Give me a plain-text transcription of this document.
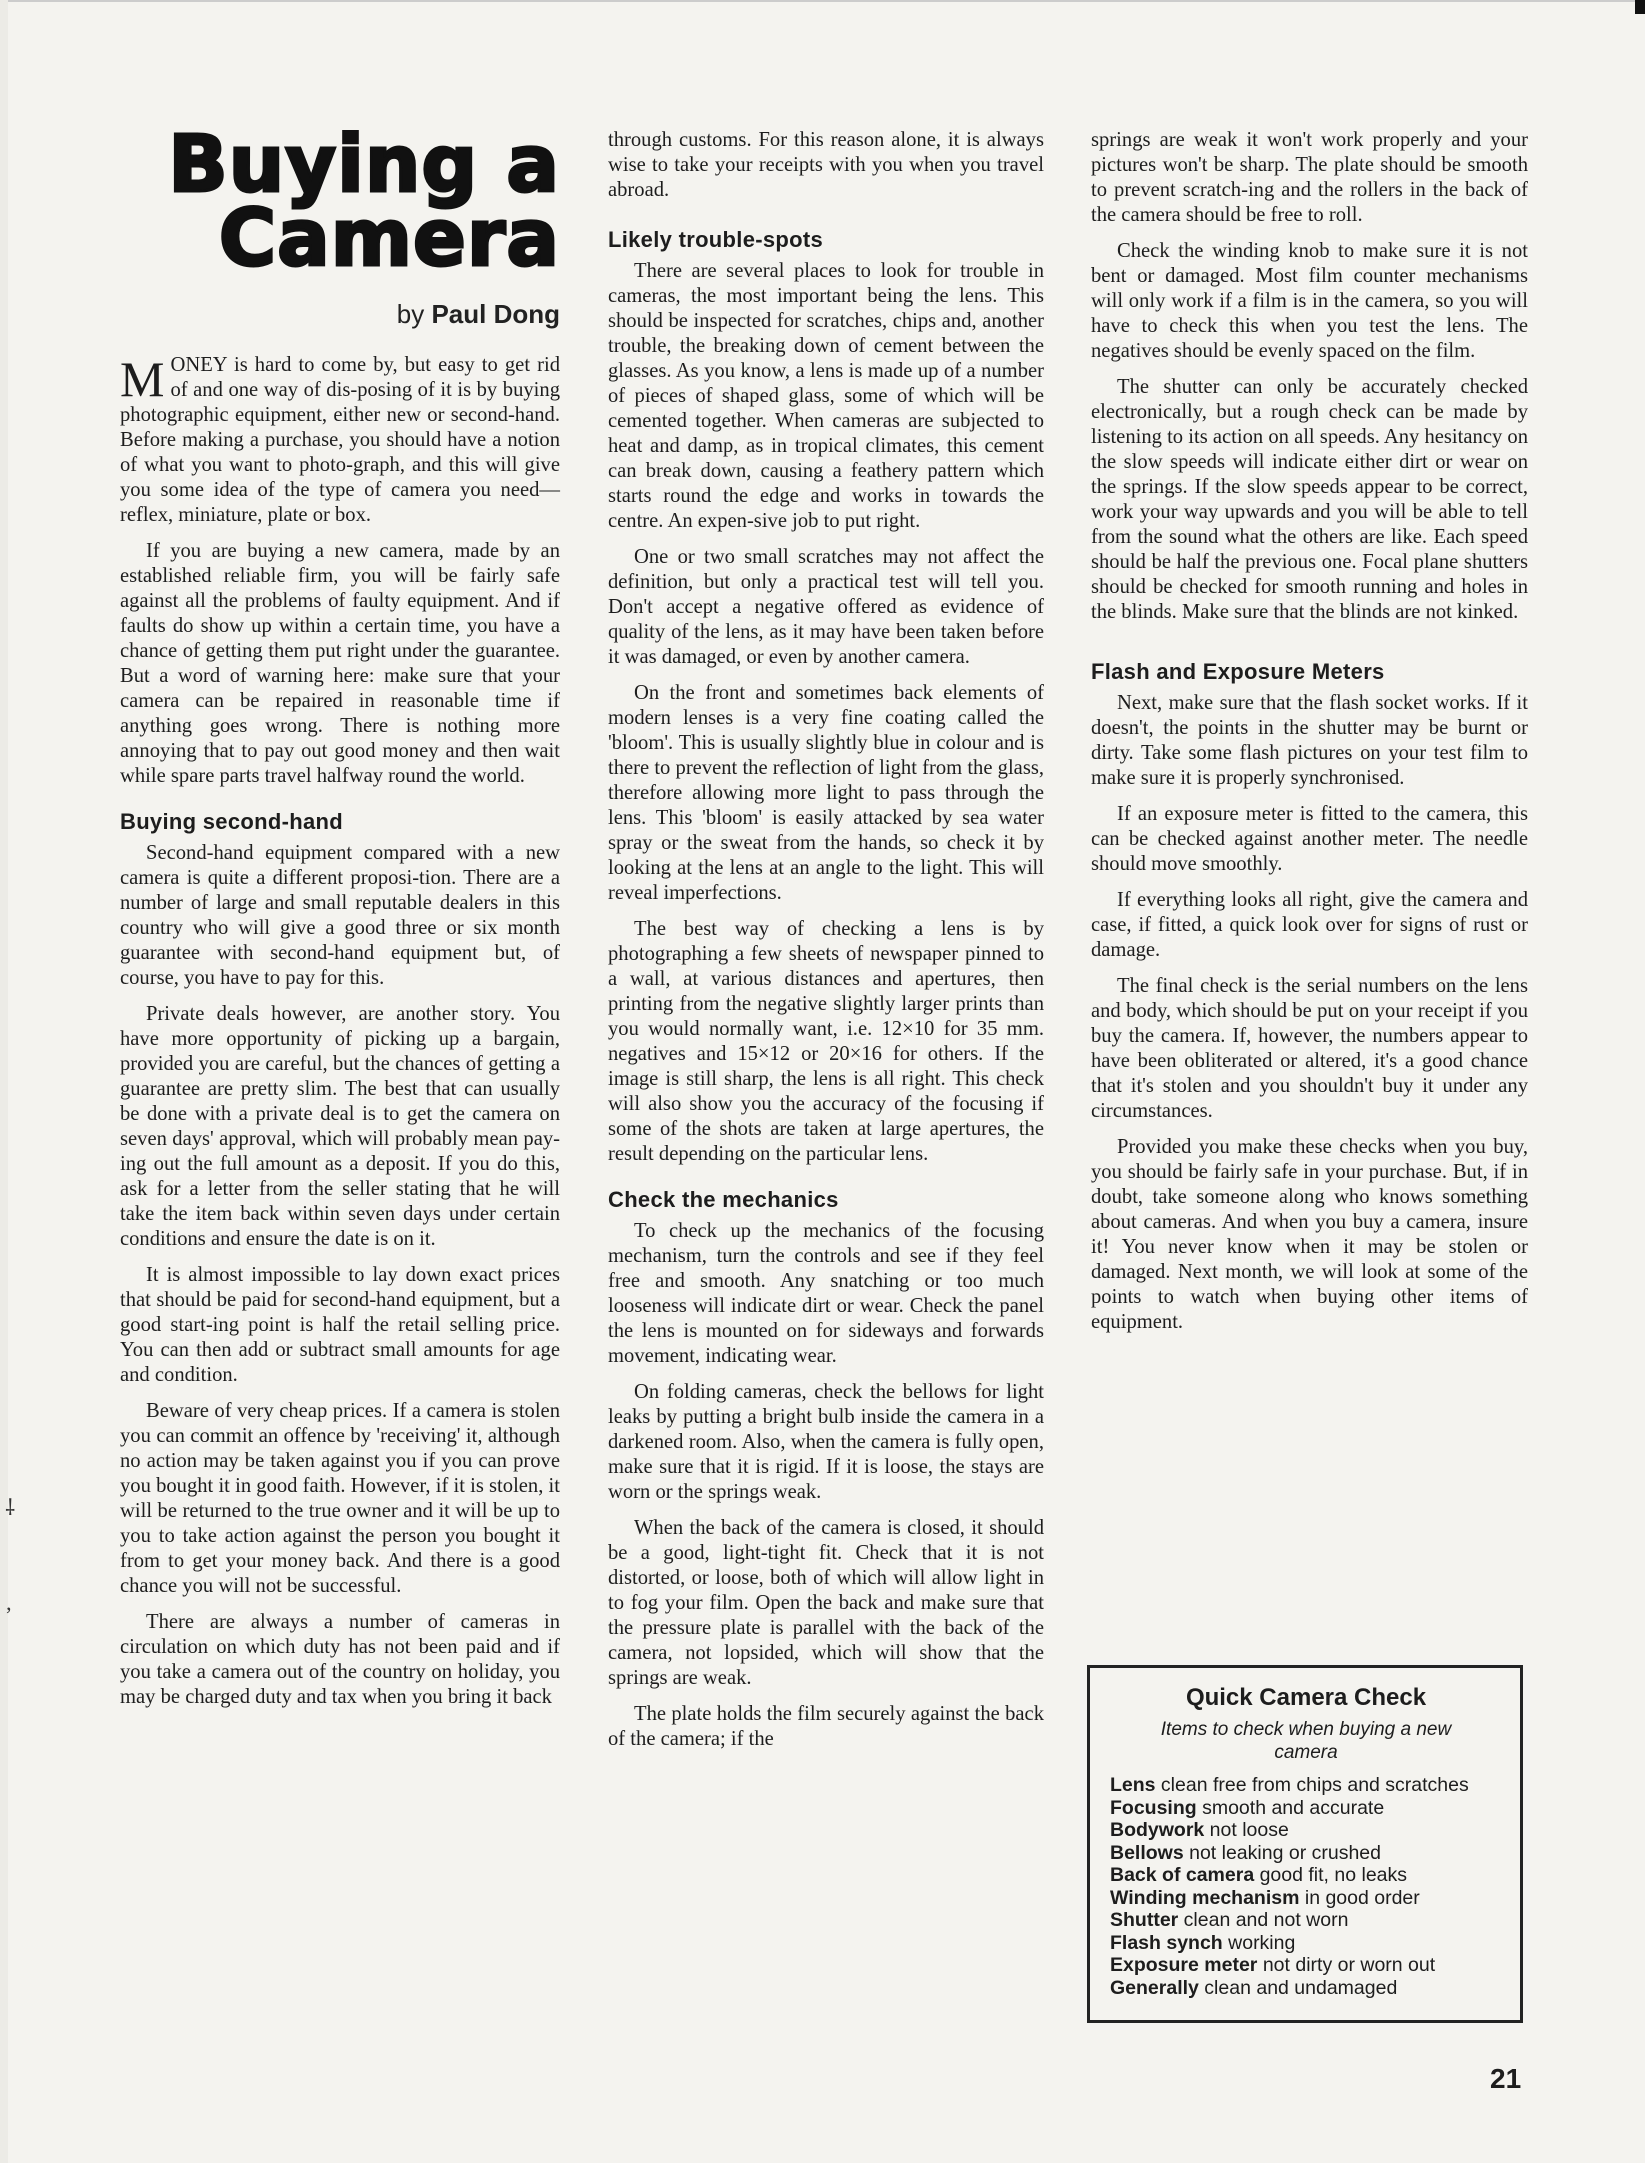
⸸
‚
Buying a
Camera
by Paul Dong

MONEY is hard to come by, but easy to get rid of and one way of dis-posing of it is by buying photographic equipment, either new or second-hand. Before making a purchase, you should have a notion of what you want to photo-graph, and this will give you some idea of the type of camera you need—reflex, miniature, plate or box.

If you are buying a new camera, made by an established reliable firm, you will be fairly safe against all the problems of faulty equipment. And if faults do show up within a certain time, you have a chance of getting them put right under the guarantee. But a word of warning here: make sure that your camera can be repaired in reasonable time if anything goes wrong. There is nothing more annoying that to pay out good money and then wait while spare parts travel halfway round the world.

Buying second-hand

Second-hand equipment compared with a new camera is quite a different proposi-tion. There are a number of large and small reputable dealers in this country who will give a good three or six month guarantee with second-hand equipment but, of course, you have to pay for this.

Private deals however, are another story. You have more opportunity of picking up a bargain, provided you are careful, but the chances of getting a guarantee are pretty slim. The best that can usually be done with a private deal is to get the camera on seven days' approval, which will probably mean pay-ing out the full amount as a deposit. If you do this, ask for a letter from the seller stating that he will take the item back within seven days under certain conditions and ensure the date is on it.

It is almost impossible to lay down exact prices that should be paid for second-hand equipment, but a good start-ing point is half the retail selling price. You can then add or subtract small amounts for age and condition.

Beware of very cheap prices. If a camera is stolen you can commit an offence by 'receiving' it, although no action may be taken against you if you can prove you bought it in good faith. However, if it is stolen, it will be returned to the true owner and it will be up to you to take action against the person you bought it from to get your money back. And there is a good chance you will not be successful.

There are always a number of cameras in circulation on which duty has not been paid and if you take a camera out of the country on holiday, you may be charged duty and tax when you bring it back

through customs. For this reason alone, it is always wise to take your receipts with you when you travel abroad.

Likely trouble-spots

There are several places to look for trouble in cameras, the most important being the lens. This should be inspected for scratches, chips and, another trouble, the breaking down of cement between the glasses. As you know, a lens is made up of a number of pieces of shaped glass, some of which will be cemented together. When cameras are subjected to heat and damp, as in tropical climates, this cement can break down, causing a feathery pattern which starts round the edge and works in towards the centre. An expen-sive job to put right.

One or two small scratches may not affect the definition, but only a practical test will tell you. Don't accept a negative offered as evidence of quality of the lens, as it may have been taken before it was damaged, or even by another camera.

On the front and sometimes back elements of modern lenses is a very fine coating called the 'bloom'. This is usually slightly blue in colour and is there to prevent the reflection of light from the glass, therefore allowing more light to pass through the lens. This 'bloom' is easily attacked by sea water spray or the sweat from the hands, so check it by looking at the lens at an angle to the light. This will reveal imperfections.

The best way of checking a lens is by photographing a few sheets of newspaper pinned to a wall, at various distances and apertures, then printing from the negative slightly larger prints than you would normally want, i.e. 12×10 for 35 mm. negatives and 15×12 or 20×16 for others. If the image is still sharp, the lens is all right. This check will also show you the accuracy of the focusing if some of the shots are taken at large apertures, the result depending on the particular lens.

Check the mechanics

To check up the mechanics of the focusing mechanism, turn the controls and see if they feel free and smooth. Any snatching or too much looseness will indicate dirt or wear. Check the panel the lens is mounted on for sideways and forwards movement, indicating wear.

On folding cameras, check the bellows for light leaks by putting a bright bulb inside the camera in a darkened room. Also, when the camera is fully open, make sure that it is rigid. If it is loose, the stays are worn or the springs weak.

When the back of the camera is closed, it should be a good, light-tight fit. Check that it is not distorted, or loose, both of which will allow light in to fog your film. Open the back and make sure that the pressure plate is parallel with the back of the camera, not lopsided, which will show that the springs are weak.

The plate holds the film securely against the back of the camera; if the

springs are weak it won't work properly and your pictures won't be sharp. The plate should be smooth to prevent scratch-ing and the rollers in the back of the camera should be free to roll.

Check the winding knob to make sure it is not bent or damaged. Most film counter mechanisms will only work if a film is in the camera, so you will have to check this when you test the lens. The negatives should be evenly spaced on the film.

The shutter can only be accurately checked electronically, but a rough check can be made by listening to its action on all speeds. Any hesitancy on the slow speeds will indicate either dirt or wear on the springs. If the slow speeds appear to be correct, work your way upwards and you will be able to tell from the sound what the others are like. Each speed should be half the previous one. Focal plane shutters should be checked for smooth running and holes in the blinds. Make sure that the blinds are not kinked.

Flash and Exposure Meters

Next, make sure that the flash socket works. If it doesn't, the points in the shutter may be burnt or dirty. Take some flash pictures on your test film to make sure it is properly synchronised.

If an exposure meter is fitted to the camera, this can be checked against another meter. The needle should move smoothly.

If everything looks all right, give the camera and case, if fitted, a quick look over for signs of rust or damage.

The final check is the serial numbers on the lens and body, which should be put on your receipt if you buy the camera. If, however, the numbers appear to have been obliterated or altered, it's a good chance that it's stolen and you shouldn't buy it under any circumstances.

Provided you make these checks when you buy, you should be fairly safe in your purchase. But, if in doubt, take someone along who knows something about cameras. And when you buy a camera, insure it! You never know when it may be stolen or damaged. Next month, we will look at some of the points to watch when buying other items of equipment.

Quick Camera Check
Items to check when buying a new camera
Lens clean free from chips and scratches
Focusing smooth and accurate
Bodywork not loose
Bellows not leaking or crushed
Back of camera good fit, no leaks
Winding mechanism in good order
Shutter clean and not worn
Flash synch working
Exposure meter not dirty or worn out
Generally clean and undamaged
21
